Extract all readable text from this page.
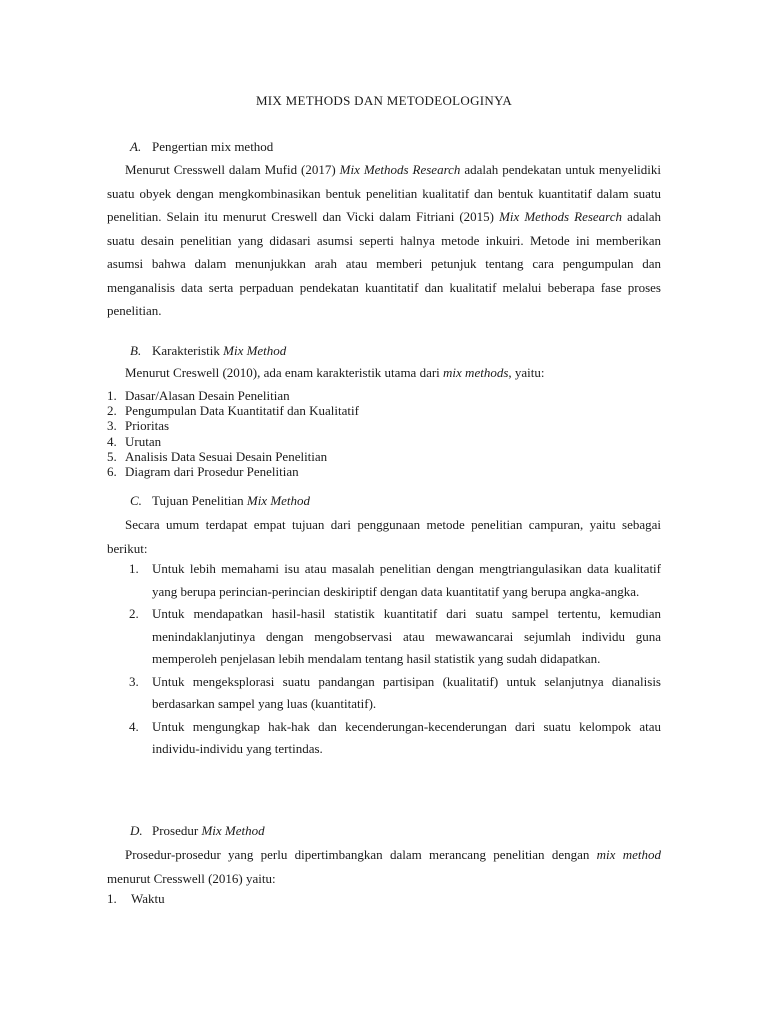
MIX METHODS DAN METODEOLOGINYA
A. Pengertian mix method

Menurut Cresswell dalam Mufid (2017) Mix Methods Research adalah pendekatan untuk menyelidiki suatu obyek dengan mengkombinasikan bentuk penelitian kualitatif dan bentuk kuantitatif dalam suatu penelitian. Selain itu menurut Creswell dan Vicki dalam Fitriani (2015) Mix Methods Research adalah suatu desain penelitian yang didasari asumsi seperti halnya metode inkuiri. Metode ini memberikan asumsi bahwa dalam menunjukkan arah atau memberi petunjuk tentang cara pengumpulan dan menganalisis data serta perpaduan pendekatan kuantitatif dan kualitatif melalui beberapa fase proses penelitian.

B. Karakteristik Mix Method
Menurut Creswell (2010), ada enam karakteristik utama dari mix methods, yaitu:
1. Dasar/Alasan Desain Penelitian
2. Pengumpulan Data Kuantitatif dan Kualitatif
3. Prioritas
4. Urutan
5. Analisis Data Sesuai Desain Penelitian
6. Diagram dari Prosedur Penelitian
C. Tujuan Penelitian Mix Method

Secara umum terdapat empat tujuan dari penggunaan metode penelitian campuran, yaitu sebagai berikut:

1.	Untuk lebih memahami isu atau masalah penelitian dengan mengtriangulasikan data kualitatif yang berupa perincian-perincian deskiriptif dengan data kuantitatif yang berupa angka-angka.
2.	Untuk mendapatkan hasil-hasil statistik kuantitatif dari suatu sampel tertentu, kemudian menindaklanjutinya dengan mengobservasi atau mewawancarai sejumlah individu guna memperoleh penjelasan lebih mendalam tentang hasil statistik yang sudah didapatkan.
3.	Untuk mengeksplorasi suatu pandangan partisipan (kualitatif) untuk selanjutnya dianalisis berdasarkan sampel yang luas (kuantitatif).
4.	Untuk mengungkap hak-hak dan kecenderungan-kecenderungan dari suatu kelompok atau individu-individu yang tertindas.
D. Prosedur Mix Method

Prosedur-prosedur yang perlu dipertimbangkan dalam merancang penelitian dengan mix method menurut Cresswell (2016) yaitu:

1.	Waktu
